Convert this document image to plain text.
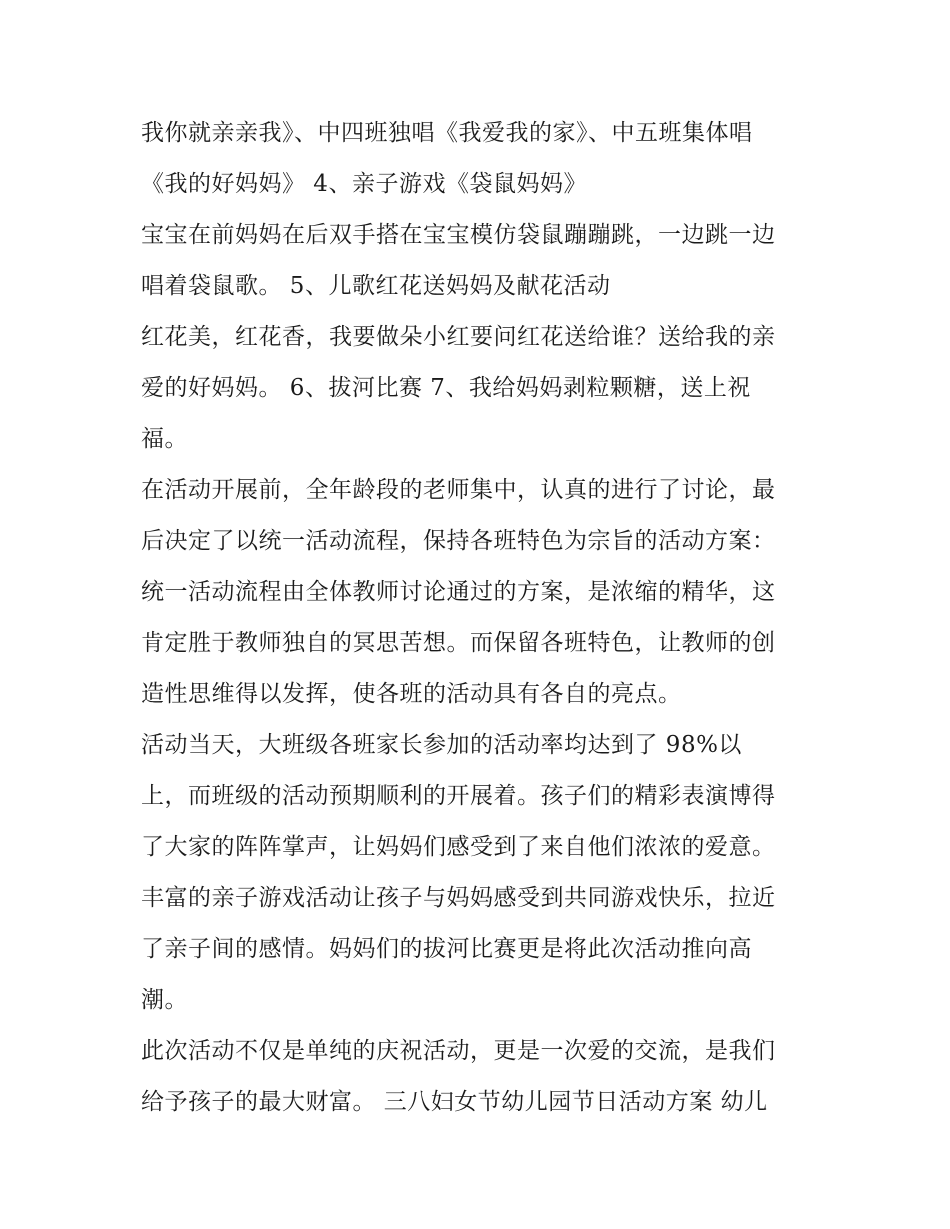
我你就亲亲我》、中四班独唱《我爱我的家》、中五班集体唱
《我的好妈妈》 4、亲子游戏《袋鼠妈妈》
宝宝在前妈妈在后双手搭在宝宝模仿袋鼠蹦蹦跳，一边跳一边
唱着袋鼠歌。 5、儿歌红花送妈妈及献花活动
红花美，红花香，我要做朵小红要问红花送给谁？送给我的亲
爱的好妈妈。 6、拔河比赛 7、我给妈妈剥粒颗糖，送上祝
福。
在活动开展前，全年龄段的老师集中，认真的进行了讨论，最
后决定了以统一活动流程，保持各班特色为宗旨的活动方案：
统一活动流程由全体教师讨论通过的方案，是浓缩的精华，这
肯定胜于教师独自的冥思苦想。而保留各班特色，让教师的创
造性思维得以发挥，使各班的活动具有各自的亮点。
活动当天，大班级各班家长参加的活动率均达到了 98%以
上，而班级的活动预期顺利的开展着。孩子们的精彩表演博得
了大家的阵阵掌声，让妈妈们感受到了来自他们浓浓的爱意。
丰富的亲子游戏活动让孩子与妈妈感受到共同游戏快乐，拉近
了亲子间的感情。妈妈们的拔河比赛更是将此次活动推向高
潮。
此次活动不仅是单纯的庆祝活动，更是一次爱的交流，是我们
给予孩子的最大财富。 三八妇女节幼儿园节日活动方案 幼儿
